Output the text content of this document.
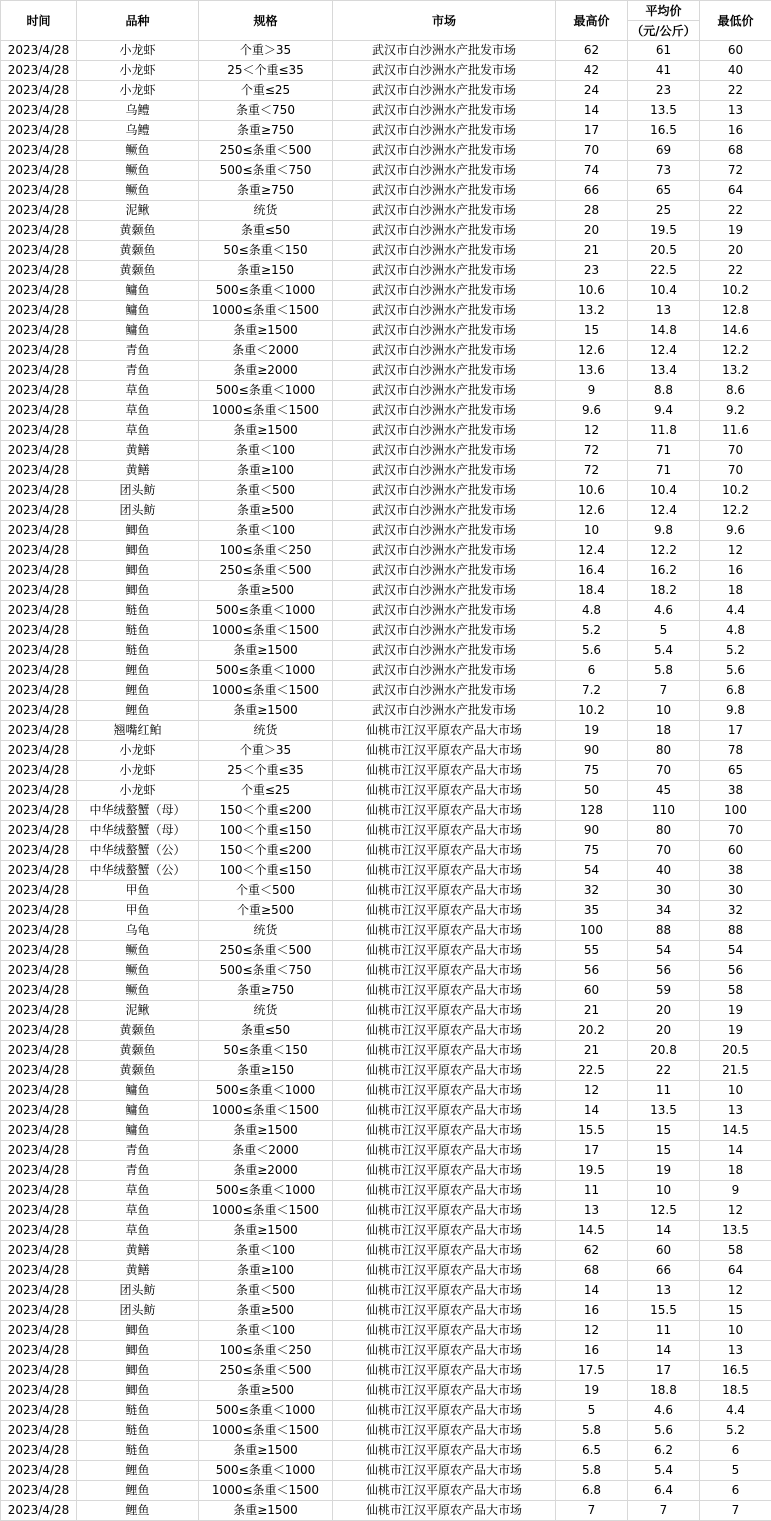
时间	品种	规格	市场	最高价	平均价	最低价
					（元/公斤）	
2023/4/28	小龙虾	个重＞35	武汉市白沙洲水产批发市场	62	61	60
2023/4/28	小龙虾	25＜个重≤35	武汉市白沙洲水产批发市场	42	41	40
2023/4/28	小龙虾	个重≤25	武汉市白沙洲水产批发市场	24	23	22
2023/4/28	乌鳢	条重＜750	武汉市白沙洲水产批发市场	14	13.5	13
2023/4/28	乌鳢	条重≥750	武汉市白沙洲水产批发市场	17	16.5	16
2023/4/28	鳜鱼	250≤条重＜500	武汉市白沙洲水产批发市场	70	69	68
2023/4/28	鳜鱼	500≤条重＜750	武汉市白沙洲水产批发市场	74	73	72
2023/4/28	鳜鱼	条重≥750	武汉市白沙洲水产批发市场	66	65	64
2023/4/28	泥鳅	统货	武汉市白沙洲水产批发市场	28	25	22
2023/4/28	黄颡鱼	条重≤50	武汉市白沙洲水产批发市场	20	19.5	19
2023/4/28	黄颡鱼	50≤条重＜150	武汉市白沙洲水产批发市场	21	20.5	20
2023/4/28	黄颡鱼	条重≥150	武汉市白沙洲水产批发市场	23	22.5	22
2023/4/28	鳙鱼	500≤条重＜1000	武汉市白沙洲水产批发市场	10.6	10.4	10.2
2023/4/28	鳙鱼	1000≤条重＜1500	武汉市白沙洲水产批发市场	13.2	13	12.8
2023/4/28	鳙鱼	条重≥1500	武汉市白沙洲水产批发市场	15	14.8	14.6
2023/4/28	青鱼	条重＜2000	武汉市白沙洲水产批发市场	12.6	12.4	12.2
2023/4/28	青鱼	条重≥2000	武汉市白沙洲水产批发市场	13.6	13.4	13.2
2023/4/28	草鱼	500≤条重＜1000	武汉市白沙洲水产批发市场	9	8.8	8.6
2023/4/28	草鱼	1000≤条重＜1500	武汉市白沙洲水产批发市场	9.6	9.4	9.2
2023/4/28	草鱼	条重≥1500	武汉市白沙洲水产批发市场	12	11.8	11.6
2023/4/28	黄鳝	条重＜100	武汉市白沙洲水产批发市场	72	71	70
2023/4/28	黄鳝	条重≥100	武汉市白沙洲水产批发市场	72	71	70
2023/4/28	团头鲂	条重＜500	武汉市白沙洲水产批发市场	10.6	10.4	10.2
2023/4/28	团头鲂	条重≥500	武汉市白沙洲水产批发市场	12.6	12.4	12.2
2023/4/28	鲫鱼	条重＜100	武汉市白沙洲水产批发市场	10	9.8	9.6
2023/4/28	鲫鱼	100≤条重＜250	武汉市白沙洲水产批发市场	12.4	12.2	12
2023/4/28	鲫鱼	250≤条重＜500	武汉市白沙洲水产批发市场	16.4	16.2	16
2023/4/28	鲫鱼	条重≥500	武汉市白沙洲水产批发市场	18.4	18.2	18
2023/4/28	鲢鱼	500≤条重＜1000	武汉市白沙洲水产批发市场	4.8	4.6	4.4
2023/4/28	鲢鱼	1000≤条重＜1500	武汉市白沙洲水产批发市场	5.2	5	4.8
2023/4/28	鲢鱼	条重≥1500	武汉市白沙洲水产批发市场	5.6	5.4	5.2
2023/4/28	鲤鱼	500≤条重＜1000	武汉市白沙洲水产批发市场	6	5.8	5.6
2023/4/28	鲤鱼	1000≤条重＜1500	武汉市白沙洲水产批发市场	7.2	7	6.8
2023/4/28	鲤鱼	条重≥1500	武汉市白沙洲水产批发市场	10.2	10	9.8
2023/4/28	翘嘴红鲌	统货	仙桃市江汉平原农产品大市场	19	18	17
2023/4/28	小龙虾	个重＞35	仙桃市江汉平原农产品大市场	90	80	78
2023/4/28	小龙虾	25＜个重≤35	仙桃市江汉平原农产品大市场	75	70	65
2023/4/28	小龙虾	个重≤25	仙桃市江汉平原农产品大市场	50	45	38
2023/4/28	中华绒螯蟹（母）	150＜个重≤200	仙桃市江汉平原农产品大市场	128	110	100
2023/4/28	中华绒螯蟹（母）	100＜个重≤150	仙桃市江汉平原农产品大市场	90	80	70
2023/4/28	中华绒螯蟹（公）	150＜个重≤200	仙桃市江汉平原农产品大市场	75	70	60
2023/4/28	中华绒螯蟹（公）	100＜个重≤150	仙桃市江汉平原农产品大市场	54	40	38
2023/4/28	甲鱼	个重＜500	仙桃市江汉平原农产品大市场	32	30	30
2023/4/28	甲鱼	个重≥500	仙桃市江汉平原农产品大市场	35	34	32
2023/4/28	乌龟	统货	仙桃市江汉平原农产品大市场	100	88	88
2023/4/28	鳜鱼	250≤条重＜500	仙桃市江汉平原农产品大市场	55	54	54
2023/4/28	鳜鱼	500≤条重＜750	仙桃市江汉平原农产品大市场	56	56	56
2023/4/28	鳜鱼	条重≥750	仙桃市江汉平原农产品大市场	60	59	58
2023/4/28	泥鳅	统货	仙桃市江汉平原农产品大市场	21	20	19
2023/4/28	黄颡鱼	条重≤50	仙桃市江汉平原农产品大市场	20.2	20	19
2023/4/28	黄颡鱼	50≤条重＜150	仙桃市江汉平原农产品大市场	21	20.8	20.5
2023/4/28	黄颡鱼	条重≥150	仙桃市江汉平原农产品大市场	22.5	22	21.5
2023/4/28	鳙鱼	500≤条重＜1000	仙桃市江汉平原农产品大市场	12	11	10
2023/4/28	鳙鱼	1000≤条重＜1500	仙桃市江汉平原农产品大市场	14	13.5	13
2023/4/28	鳙鱼	条重≥1500	仙桃市江汉平原农产品大市场	15.5	15	14.5
2023/4/28	青鱼	条重＜2000	仙桃市江汉平原农产品大市场	17	15	14
2023/4/28	青鱼	条重≥2000	仙桃市江汉平原农产品大市场	19.5	19	18
2023/4/28	草鱼	500≤条重＜1000	仙桃市江汉平原农产品大市场	11	10	9
2023/4/28	草鱼	1000≤条重＜1500	仙桃市江汉平原农产品大市场	13	12.5	12
2023/4/28	草鱼	条重≥1500	仙桃市江汉平原农产品大市场	14.5	14	13.5
2023/4/28	黄鳝	条重＜100	仙桃市江汉平原农产品大市场	62	60	58
2023/4/28	黄鳝	条重≥100	仙桃市江汉平原农产品大市场	68	66	64
2023/4/28	团头鲂	条重＜500	仙桃市江汉平原农产品大市场	14	13	12
2023/4/28	团头鲂	条重≥500	仙桃市江汉平原农产品大市场	16	15.5	15
2023/4/28	鲫鱼	条重＜100	仙桃市江汉平原农产品大市场	12	11	10
2023/4/28	鲫鱼	100≤条重＜250	仙桃市江汉平原农产品大市场	16	14	13
2023/4/28	鲫鱼	250≤条重＜500	仙桃市江汉平原农产品大市场	17.5	17	16.5
2023/4/28	鲫鱼	条重≥500	仙桃市江汉平原农产品大市场	19	18.8	18.5
2023/4/28	鲢鱼	500≤条重＜1000	仙桃市江汉平原农产品大市场	5	4.6	4.4
2023/4/28	鲢鱼	1000≤条重＜1500	仙桃市江汉平原农产品大市场	5.8	5.6	5.2
2023/4/28	鲢鱼	条重≥1500	仙桃市江汉平原农产品大市场	6.5	6.2	6
2023/4/28	鲤鱼	500≤条重＜1000	仙桃市江汉平原农产品大市场	5.8	5.4	5
2023/4/28	鲤鱼	1000≤条重＜1500	仙桃市江汉平原农产品大市场	6.8	6.4	6
2023/4/28	鲤鱼	条重≥1500	仙桃市江汉平原农产品大市场	7	7	7
